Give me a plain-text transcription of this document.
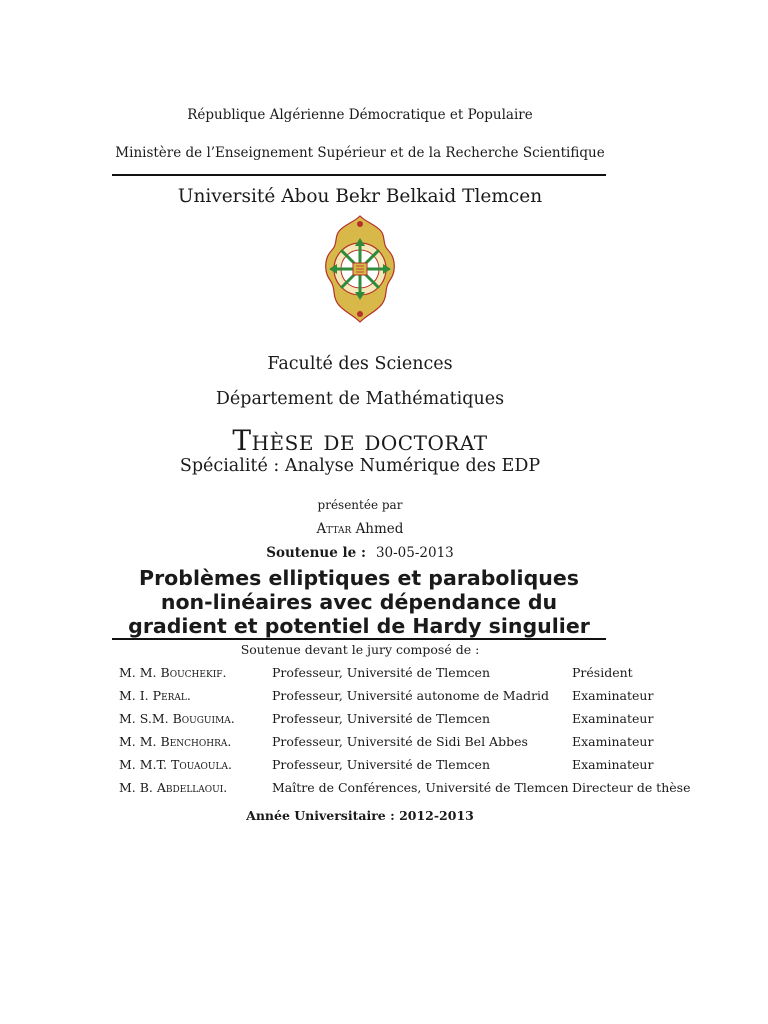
République Algérienne Démocratique et Populaire
Ministère de l’Enseignement Supérieur et de la Recherche Scientifique
Université Abou Bekr Belkaid Tlemcen
Faculté des Sciences
Département de Mathématiques
Thèse de doctorat
Spécialité : Analyse Numérique des EDP
présentée par
Attar Ahmed
Soutenue le : 30-05-2013
Problèmes elliptiques et paraboliques
non-linéaires avec dépendance du
gradient et potentiel de Hardy singulier
Soutenue devant le jury composé de :
M. M. Bouchekif.	Professeur, Université de Tlemcen	Président
M. I. Peral.	Professeur, Université autonome de Madrid	Examinateur
M. S.M. Bouguima.	Professeur, Université de Tlemcen	Examinateur
M. M. Benchohra.	Professeur, Université de Sidi Bel Abbes	Examinateur
M. M.T. Touaoula.	Professeur, Université de Tlemcen	Examinateur
M. B. Abdellaoui.	Maître de Conférences, Université de Tlemcen	Directeur de thèse
Année Universitaire : 2012-2013
